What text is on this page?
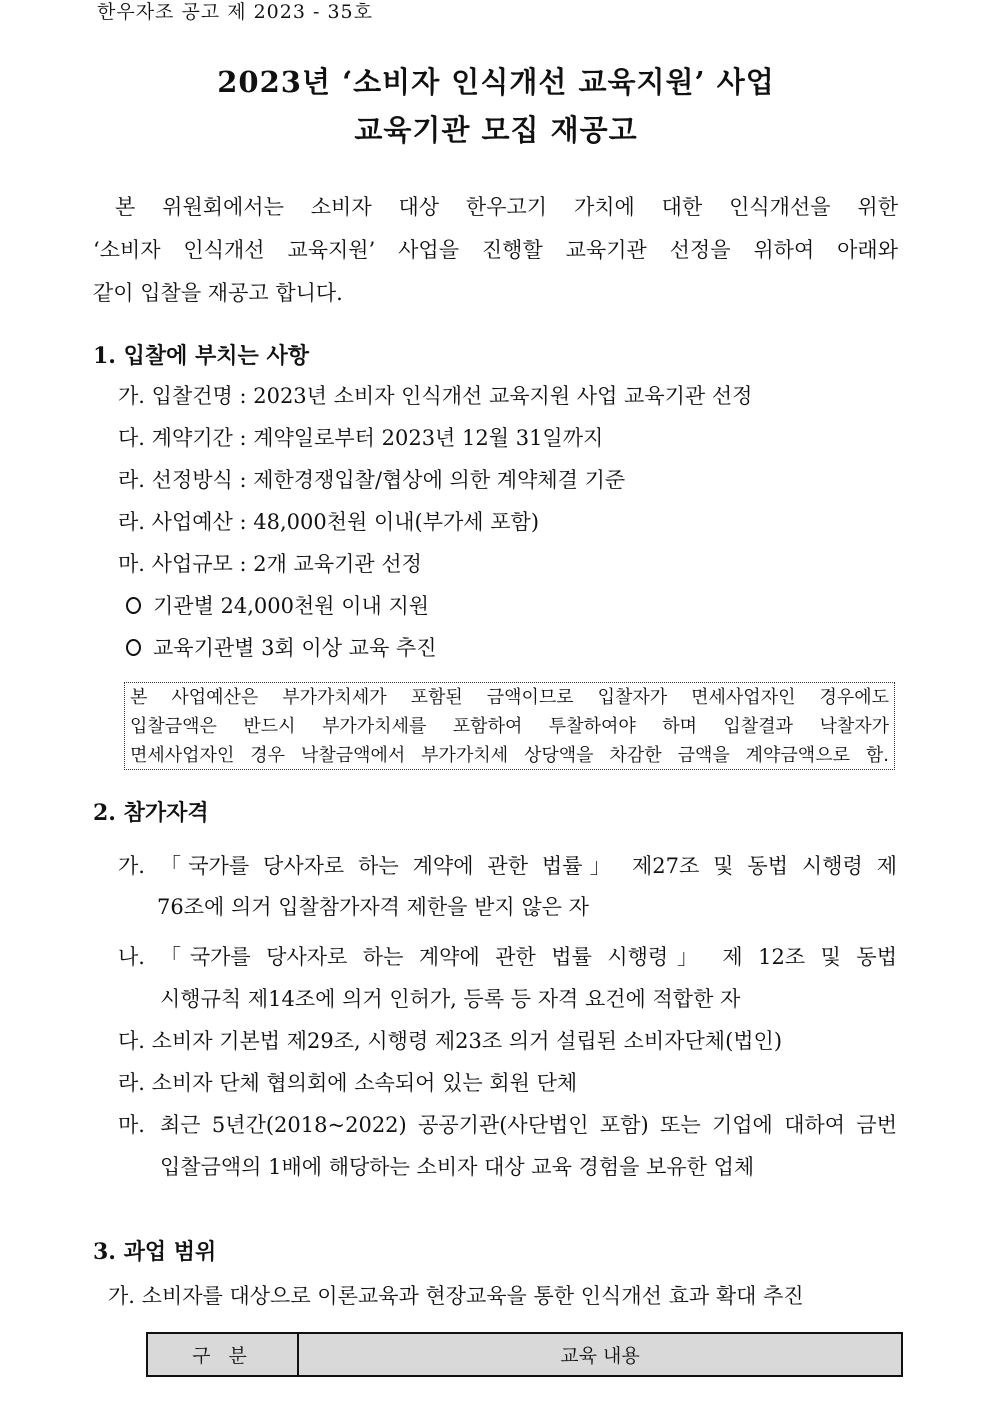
한우자조 공고 제 2023 - 35호
2023년 ‘소비자 인식개선 교육지원’ 사업
교육기관 모집 재공고
본 위원회에서는 소비자 대상 한우고기 가치에 대한 인식개선을 위한
‘소비자 인식개선 교육지원’ 사업을 진행할 교육기관 선정을 위하여 아래와
같이 입찰을 재공고 합니다.
1. 입찰에 부치는 사항
가. 입찰건명 : 2023년 소비자 인식개선 교육지원 사업 교육기관 선정
다. 계약기간 : 계약일로부터 2023년 12월 31일까지
라. 선정방식 : 제한경쟁입찰/협상에 의한 계약체결 기준
라. 사업예산 : 48,000천원 이내(부가세 포함)
마. 사업규모 : 2개 교육기관 선정
기관별 24,000천원 이내 지원
교육기관별 3회 이상 교육 추진
본 사업예산은 부가가치세가 포함된 금액이므로 입찰자가 면세사업자인 경우에도
입찰금액은 반드시 부가가치세를 포함하여 투찰하여야 하며 입찰결과 낙찰자가
면세사업자인 경우 낙찰금액에서 부가가치세 상당액을 차감한 금액을 계약금액으로 함.
2. 참가자격
가. 「국가를 당사자로 하는 계약에 관한 법률」 제27조 및 동법 시행령 제
76조에 의거 입찰참가자격 제한을 받지 않은 자
나. 「국가를 당사자로 하는 계약에 관한 법률 시행령」 제 12조 및 동법
시행규칙 제14조에 의거 인허가, 등록 등 자격 요건에 적합한 자
다. 소비자 기본법 제29조, 시행령 제23조 의거 설립된 소비자단체(법인)
라. 소비자 단체 협의회에 소속되어 있는 회원 단체
마. 최근 5년간(2018~2022) 공공기관(사단법인 포함) 또는 기업에 대하여 금번
입찰금액의 1배에 해당하는 소비자 대상 교육 경험을 보유한 업체
3. 과업 범위
가. 소비자를 대상으로 이론교육과 현장교육을 통한 인식개선 효과 확대 추진
구 분	교육 내용
